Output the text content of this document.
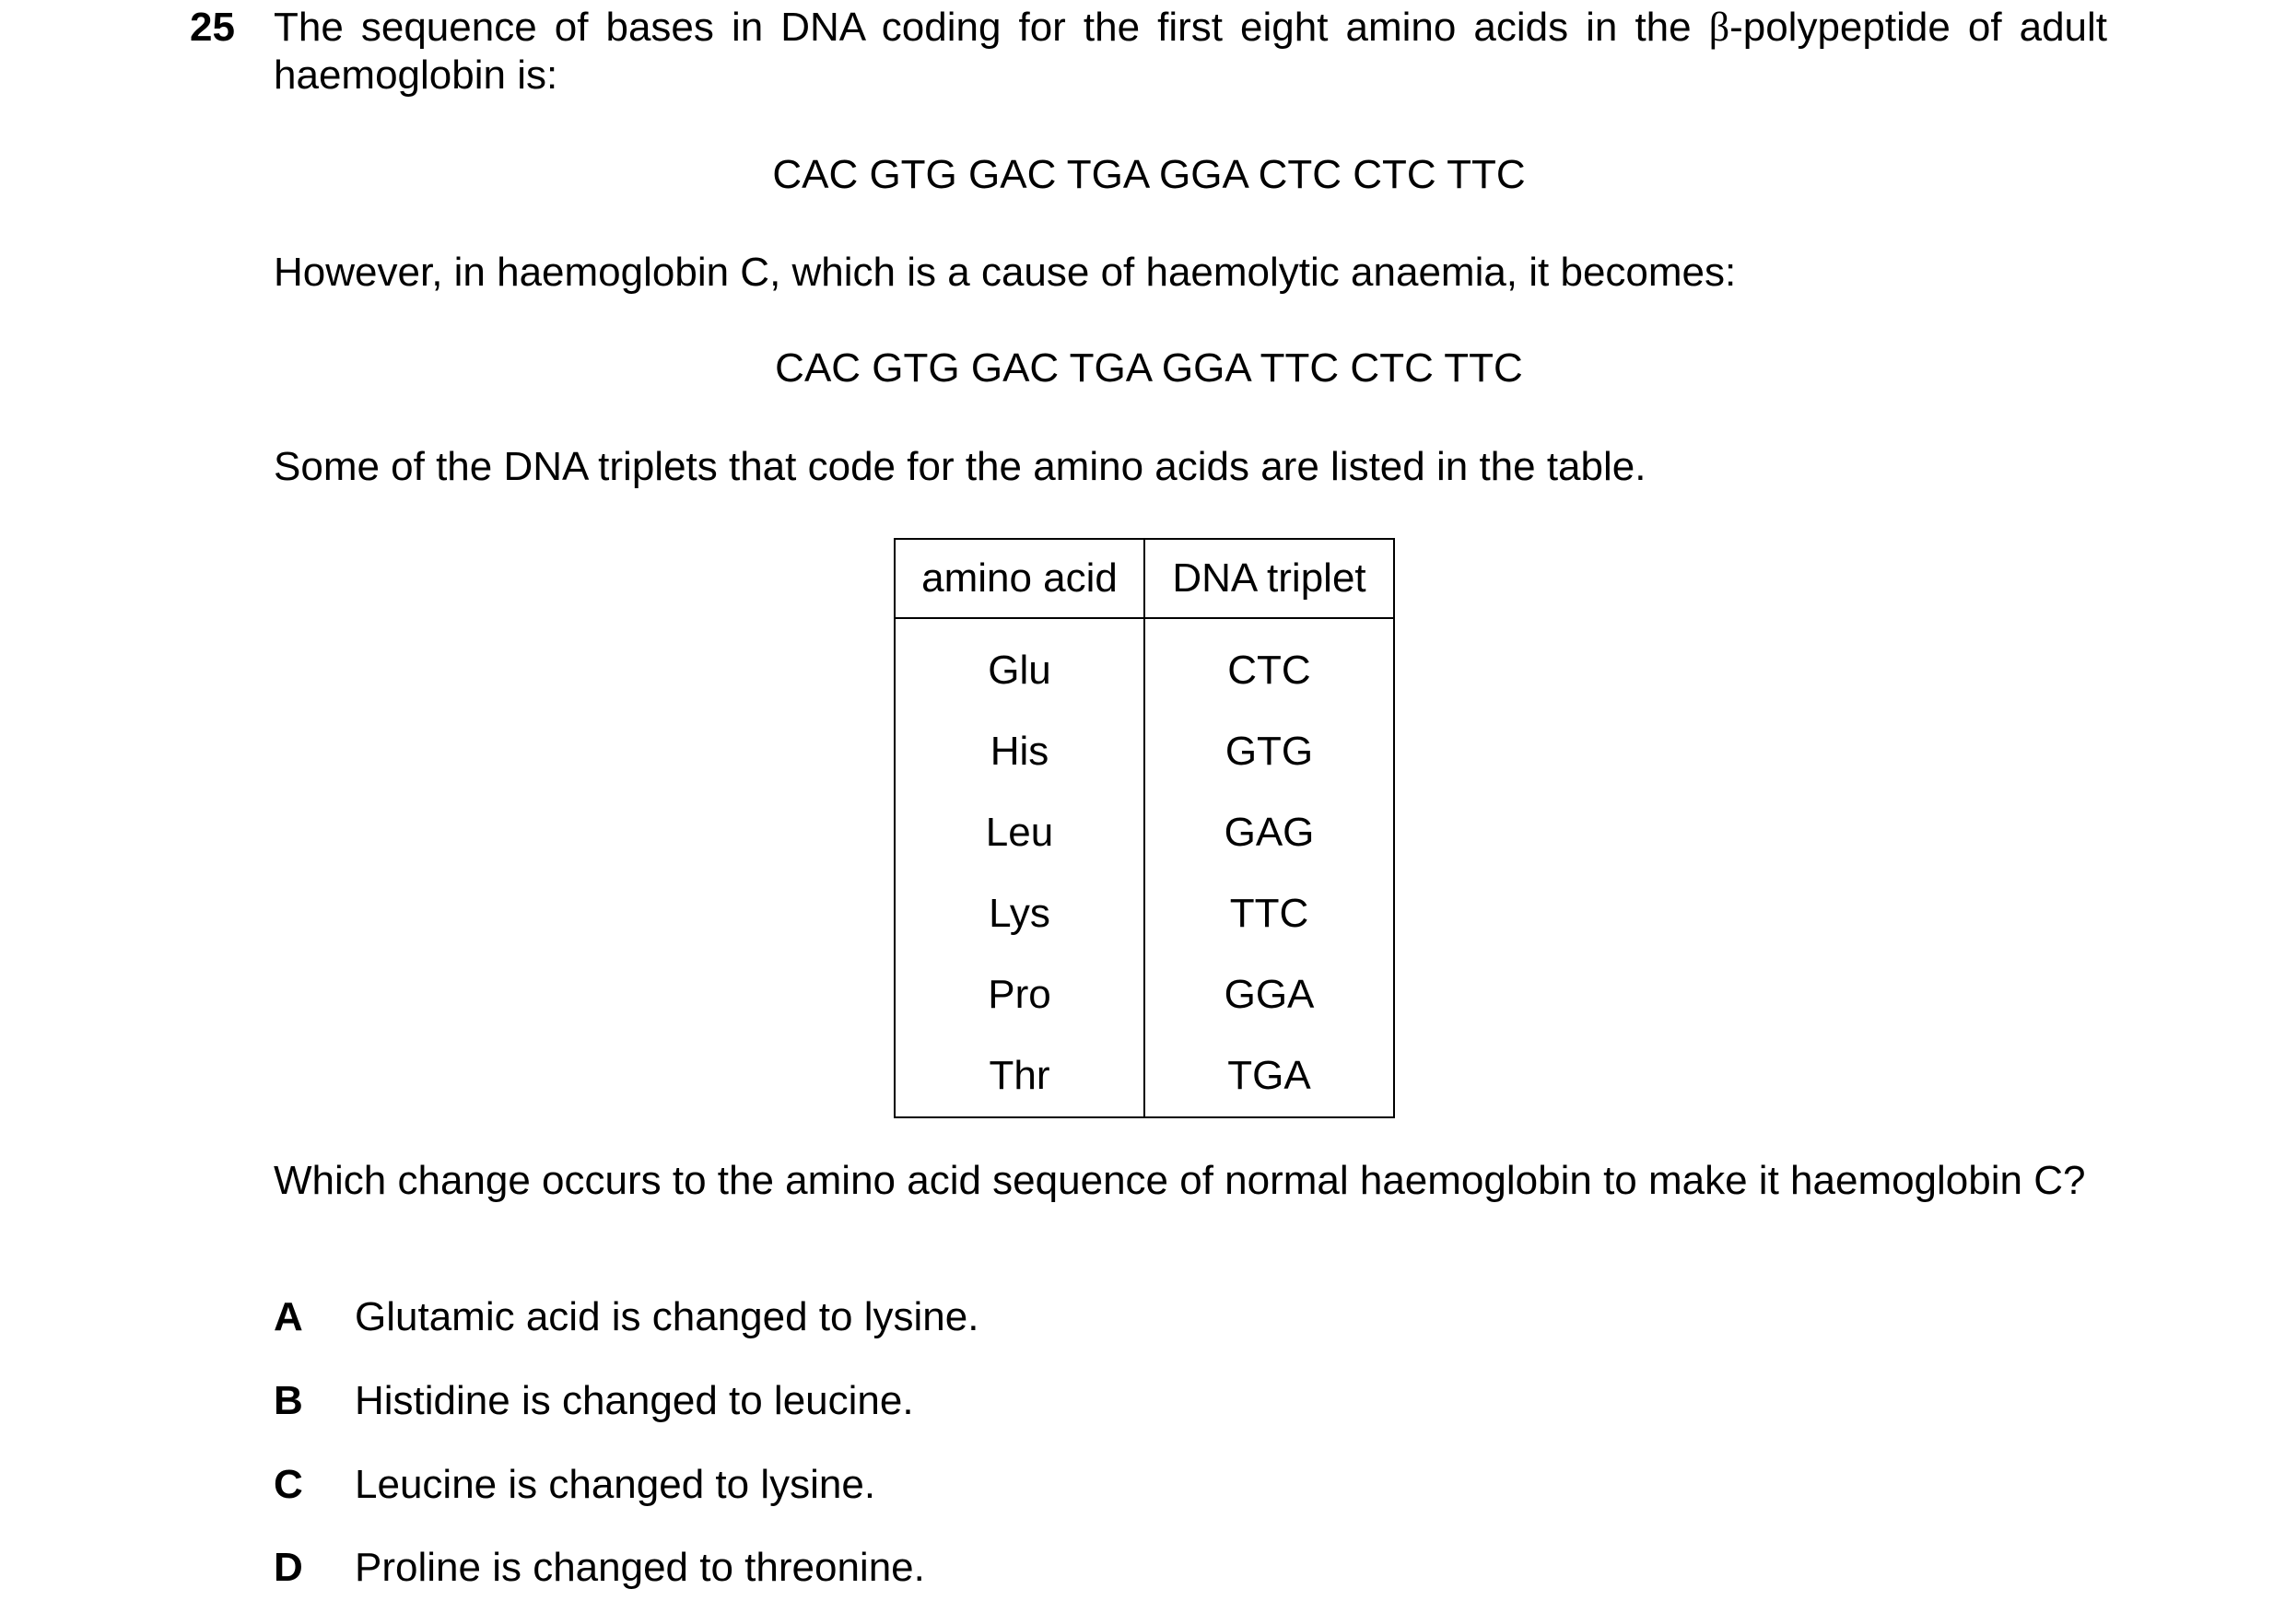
25 The sequence of bases in DNA coding for the first eight amino acids in the β-polypeptide of adult haemoglobin is:
CAC GTG GAC TGA GGA CTC CTC TTC
However, in haemoglobin C, which is a cause of haemolytic anaemia, it becomes:
CAC GTG GAC TGA GGA TTC CTC TTC
Some of the DNA triplets that code for the amino acids are listed in the table.
amino acid	DNA triplet
Glu	CTC
His	GTG
Leu	GAG
Lys	TTC
Pro	GGA
Thr	TGA
Which change occurs to the amino acid sequence of normal haemoglobin to make it haemoglobin C?
A Glutamic acid is changed to lysine.
B Histidine is changed to leucine.
C Leucine is changed to lysine.
D Proline is changed to threonine.
